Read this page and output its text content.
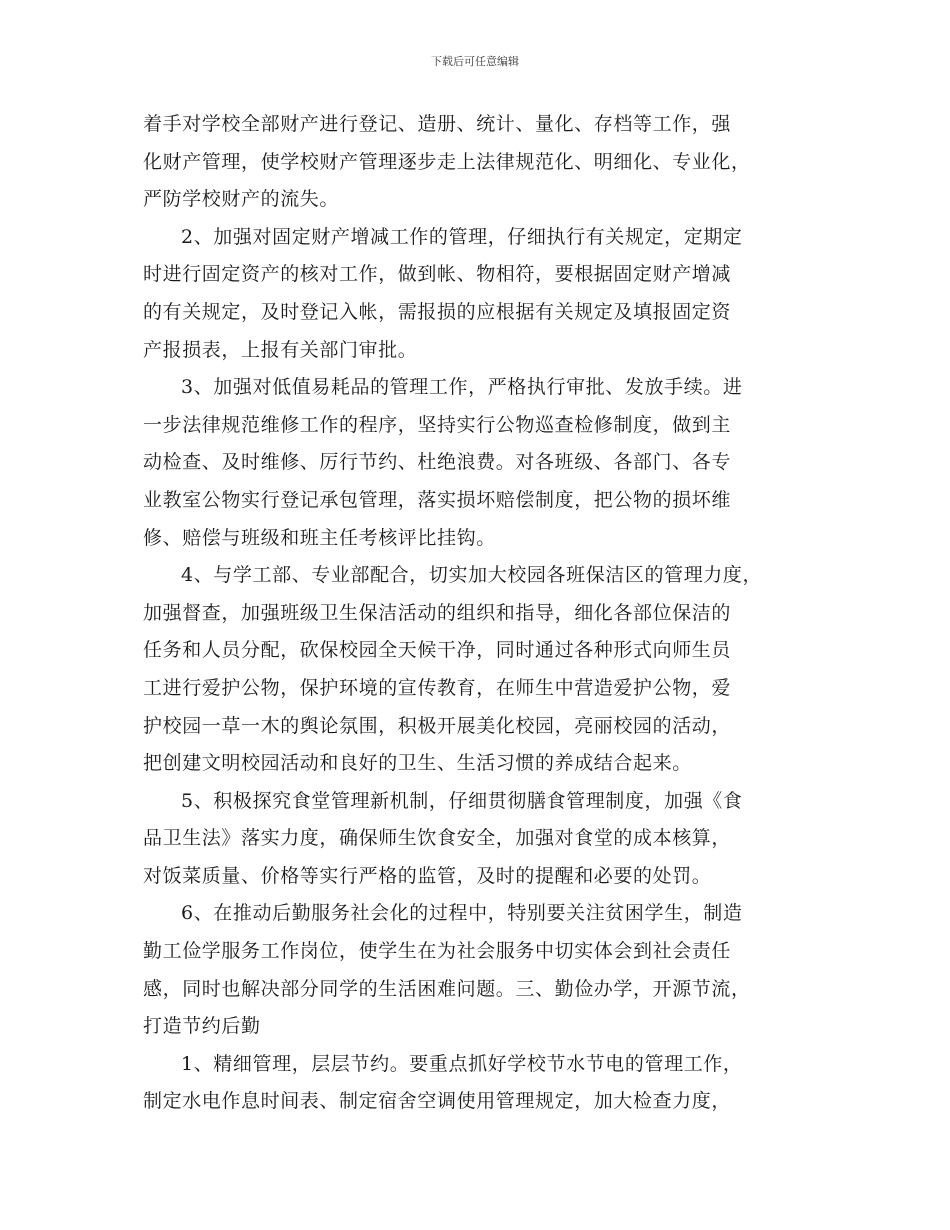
下载后可任意编辑
着手对学校全部财产进行登记、造册、统计、量化、存档等工作，强
化财产管理，使学校财产管理逐步走上法律规范化、明细化、专业化，
严防学校财产的流失。
2、加强对固定财产增减工作的管理，仔细执行有关规定，定期定
时进行固定资产的核对工作，做到帐、物相符，要根据固定财产增减
的有关规定，及时登记入帐，需报损的应根据有关规定及填报固定资
产报损表，上报有关部门审批。
3、加强对低值易耗品的管理工作，严格执行审批、发放手续。进
一步法律规范维修工作的程序，坚持实行公物巡查检修制度，做到主
动检查、及时维修、厉行节约、杜绝浪费。对各班级、各部门、各专
业教室公物实行登记承包管理，落实损坏赔偿制度，把公物的损坏维
修、赔偿与班级和班主任考核评比挂钩。
4、与学工部、专业部配合，切实加大校园各班保洁区的管理力度，
加强督查，加强班级卫生保洁活动的组织和指导，细化各部位保洁的
任务和人员分配，砍保校园全天候干净，同时通过各种形式向师生员
工进行爱护公物，保护环境的宣传教育，在师生中营造爱护公物，爱
护校园一草一木的舆论氛围，积极开展美化校园，亮丽校园的活动，
把创建文明校园活动和良好的卫生、生活习惯的养成结合起来。
5、积极探究食堂管理新机制，仔细贯彻膳食管理制度，加强《食
品卫生法》落实力度，确保师生饮食安全，加强对食堂的成本核算，
对饭菜质量、价格等实行严格的监管，及时的提醒和必要的处罚。
6、在推动后勤服务社会化的过程中，特别要关注贫困学生，制造
勤工俭学服务工作岗位，使学生在为社会服务中切实体会到社会责任
感，同时也解决部分同学的生活困难问题。三、勤俭办学，开源节流，
打造节约后勤
1、精细管理，层层节约。要重点抓好学校节水节电的管理工作，
制定水电作息时间表、制定宿舍空调使用管理规定，加大检查力度，
